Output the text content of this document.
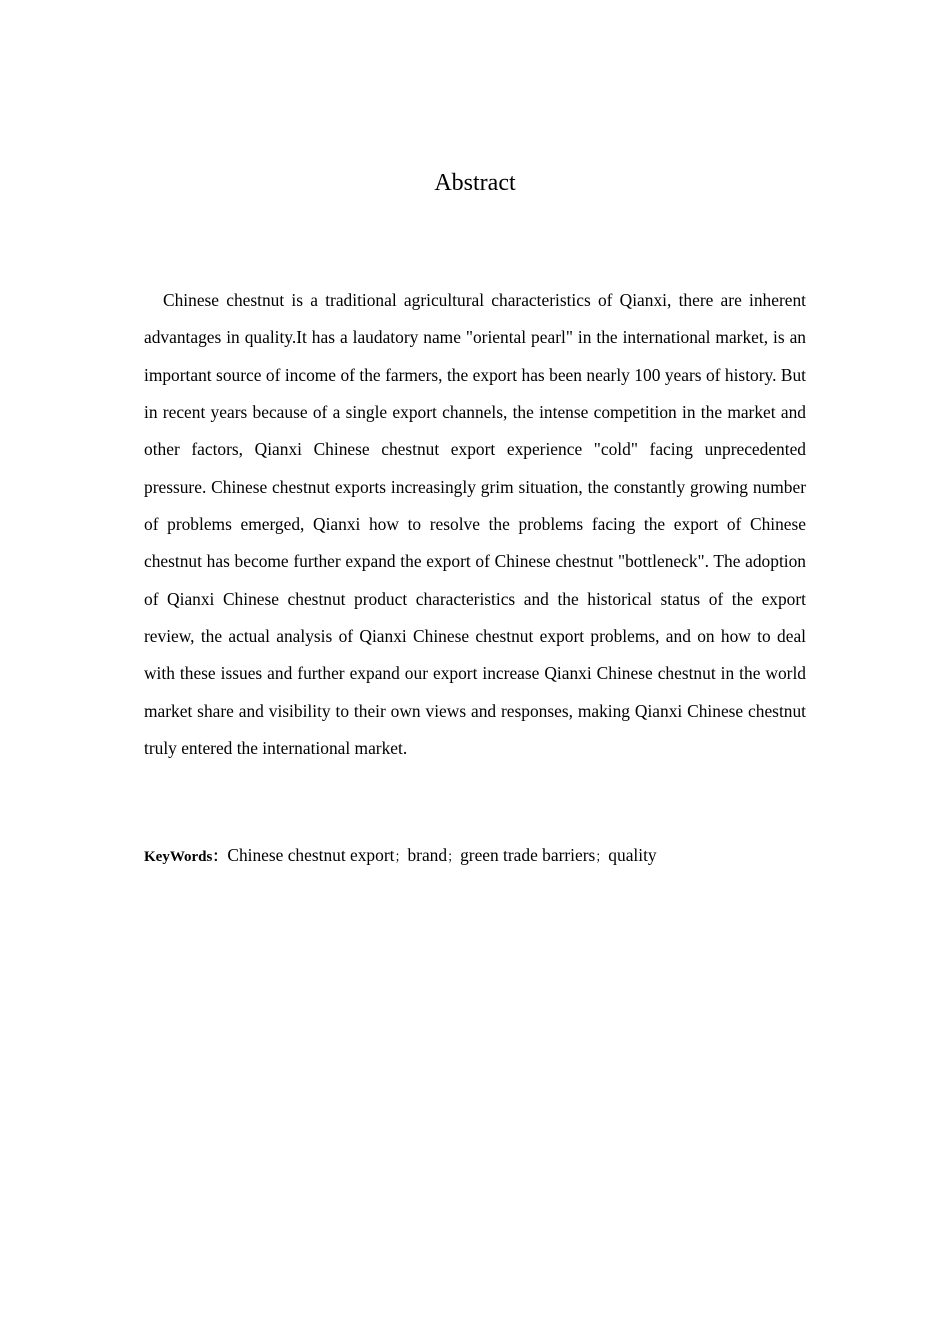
Abstract

Chinese chestnut is a traditional agricultural characteristics of Qianxi, there are inherent advantages in quality.It has a laudatory name "oriental pearl" in the international market, is an important source of income of the farmers, the export has been nearly 100 years of history. But in recent years because of a single export channels, the intense competition in the market and other factors, Qianxi Chinese chestnut export experience "cold" facing unprecedented pressure. Chinese chestnut exports increasingly grim situation, the constantly growing number of problems emerged, Qianxi how to resolve the problems facing the export of Chinese chestnut has become further expand the export of Chinese chestnut "bottleneck". The adoption of Qianxi Chinese chestnut product characteristics and the historical status of the export review, the actual analysis of Qianxi Chinese chestnut export problems, and on how to deal with these issues and further expand our export increase Qianxi Chinese chestnut in the world market share and visibility to their own views and responses, making Qianxi Chinese chestnut truly entered the international market.

KeyWords：Chinese chestnut export；brand；green trade barriers；quality
